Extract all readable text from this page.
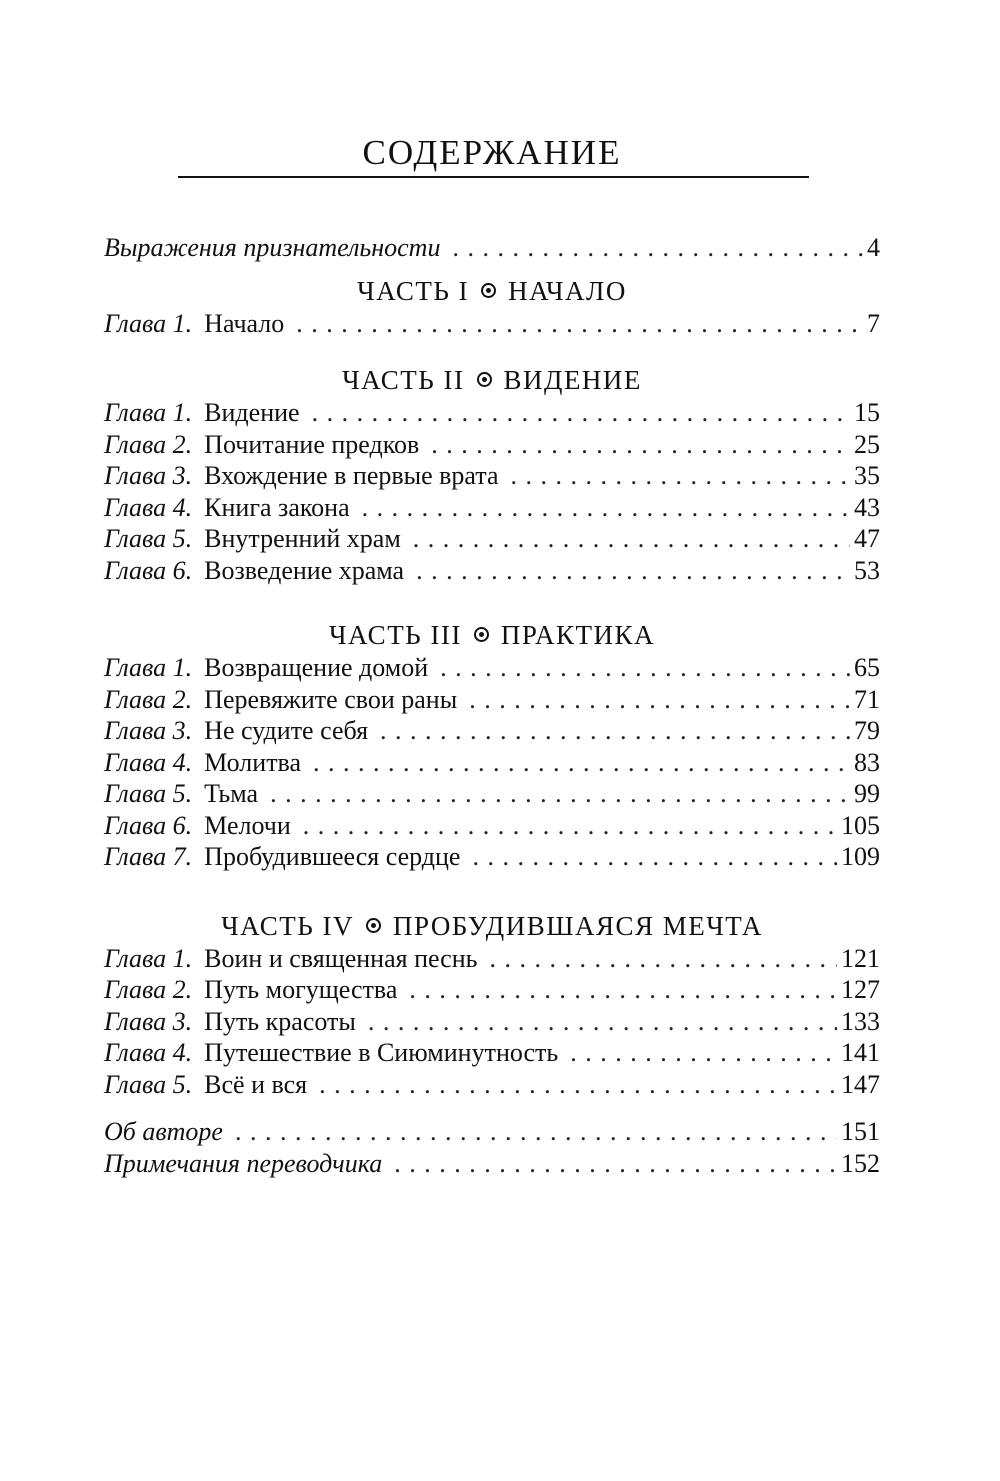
СОДЕРЖАНИЕ
Выражения признательности . . .	4
ЧАСТЬ I НАЧАЛО
Глава 1. Начало . . .	7
ЧАСТЬ II ВИДЕНИЕ
Глава 1. Видение . . .	15
Глава 2. Почитание предков . . .	25
Глава 3. Вхождение в первые врата . . .	35
Глава 4. Книга закона . . .	43
Глава 5. Внутренний храм . . .	47
Глава 6. Возведение храма . . .	53
ЧАСТЬ III ПРАКТИКА
Глава 1. Возвращение домой . . .	65
Глава 2. Перевяжите свои раны . . .	71
Глава 3. Не судите себя . . .	79
Глава 4. Молитва . . .	83
Глава 5. Тьма . . .	99
Глава 6. Мелочи . . .	105
Глава 7. Пробудившееся сердце . . .	109
ЧАСТЬ IV ПРОБУДИВШАЯСЯ МЕЧТА
Глава 1. Воин и священная песнь . . .	121
Глава 2. Путь могущества . . .	127
Глава 3. Путь красоты . . .	133
Глава 4. Путешествие в Сиюминутность . . .	141
Глава 5. Всё и вся . . .	147
Об авторе . . .	151
Примечания переводчика . . .	152
